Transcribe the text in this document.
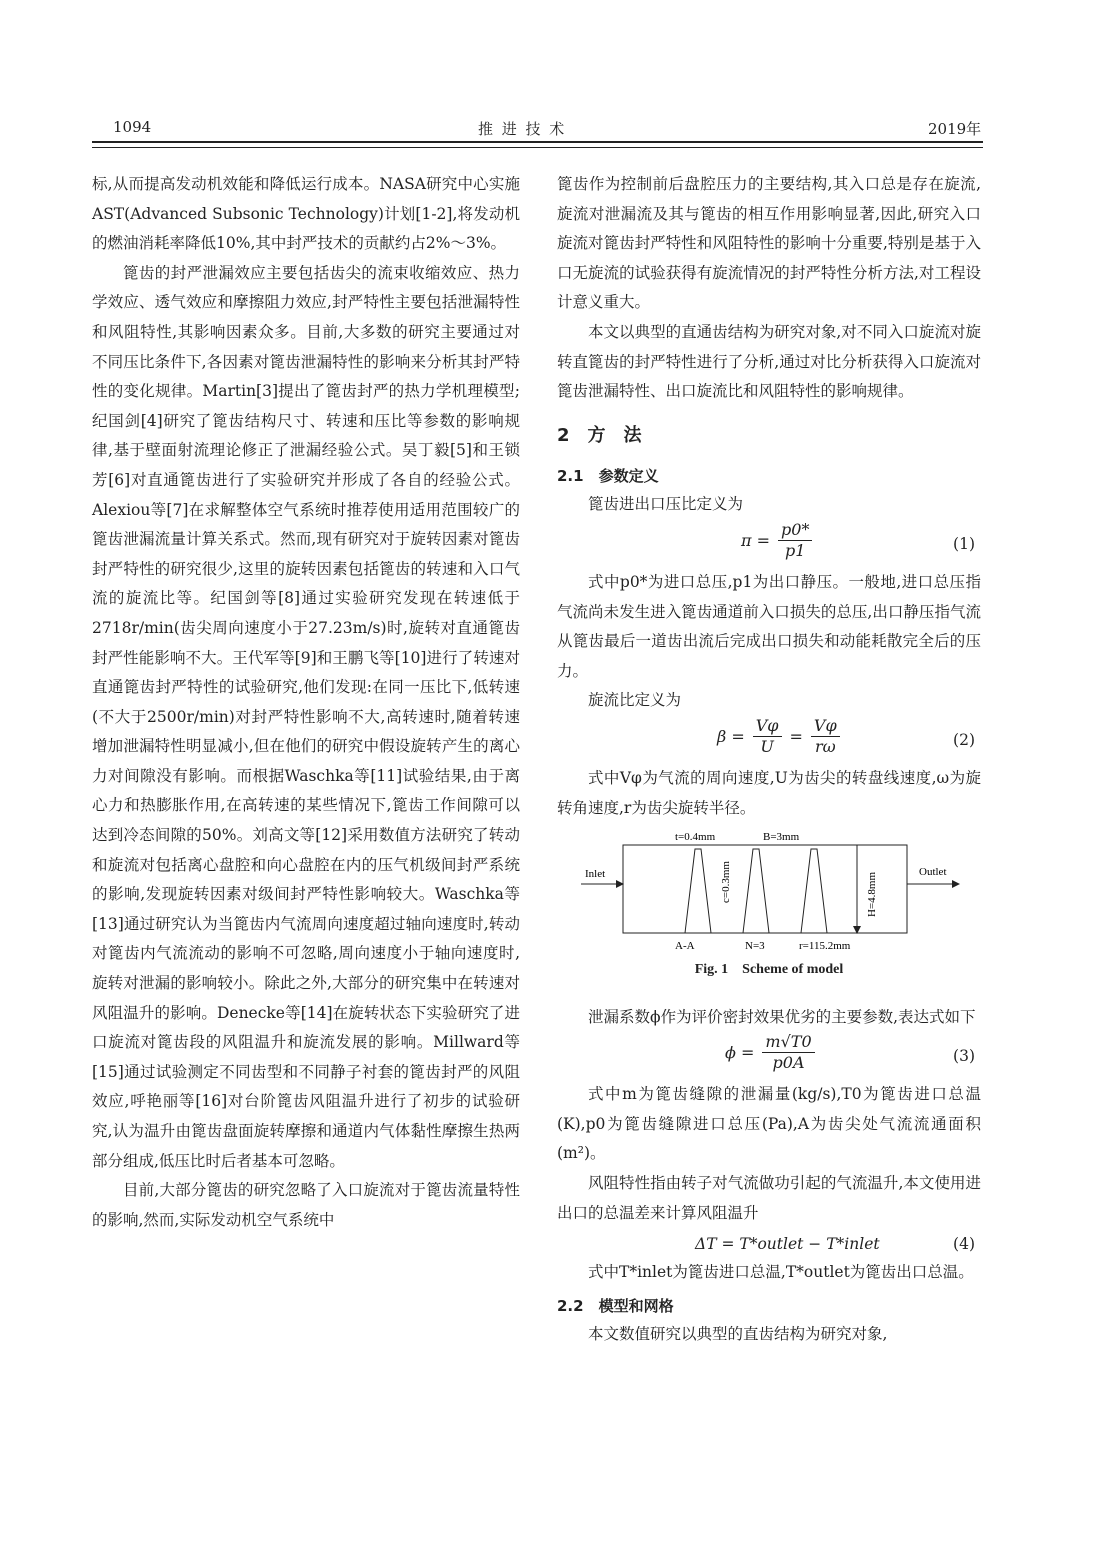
1094	推 进 技 术	2019年

标,从而提高发动机效能和降低运行成本。NASA研究中心实施AST(Advanced Subsonic Technology)计划[1-2],将发动机的燃油消耗率降低10%,其中封严技术的贡献约占2%～3%。

篦齿的封严泄漏效应主要包括齿尖的流束收缩效应、热力学效应、透气效应和摩擦阻力效应,封严特性主要包括泄漏特性和风阻特性,其影响因素众多。目前,大多数的研究主要通过对不同压比条件下,各因素对篦齿泄漏特性的影响来分析其封严特性的变化规律。Martin[3]提出了篦齿封严的热力学机理模型;纪国剑[4]研究了篦齿结构尺寸、转速和压比等参数的影响规律,基于壁面射流理论修正了泄漏经验公式。吴丁毅[5]和王锁芳[6]对直通篦齿进行了实验研究并形成了各自的经验公式。Alexiou等[7]在求解整体空气系统时推荐使用适用范围较广的篦齿泄漏流量计算关系式。然而,现有研究对于旋转因素对篦齿封严特性的研究很少,这里的旋转因素包括篦齿的转速和入口气流的旋流比等。纪国剑等[8]通过实验研究发现在转速低于2718r/min(齿尖周向速度小于27.23m/s)时,旋转对直通篦齿封严性能影响不大。王代军等[9]和王鹏飞等[10]进行了转速对直通篦齿封严特性的试验研究,他们发现:在同一压比下,低转速(不大于2500r/min)对封严特性影响不大,高转速时,随着转速增加泄漏特性明显减小,但在他们的研究中假设旋转产生的离心力对间隙没有影响。而根据Waschka等[11]试验结果,由于离心力和热膨胀作用,在高转速的某些情况下,篦齿工作间隙可以达到冷态间隙的50%。刘高文等[12]采用数值方法研究了转动和旋流对包括离心盘腔和向心盘腔在内的压气机级间封严系统的影响,发现旋转因素对级间封严特性影响较大。Waschka等[13]通过研究认为当篦齿内气流周向速度超过轴向速度时,转动对篦齿内气流流动的影响不可忽略,周向速度小于轴向速度时,旋转对泄漏的影响较小。除此之外,大部分的研究集中在转速对风阻温升的影响。Denecke等[14]在旋转状态下实验研究了进口旋流对篦齿段的风阻温升和旋流发展的影响。Millward等[15]通过试验测定不同齿型和不同静子衬套的篦齿封严的风阻效应,呼艳丽等[16]对台阶篦齿风阻温升进行了初步的试验研究,认为温升由篦齿盘面旋转摩擦和通道内气体黏性摩擦生热两部分组成,低压比时后者基本可忽略。

目前,大部分篦齿的研究忽略了入口旋流对于篦齿流量特性的影响,然而,实际发动机空气系统中

篦齿作为控制前后盘腔压力的主要结构,其入口总是存在旋流,旋流对泄漏流及其与篦齿的相互作用影响显著,因此,研究入口旋流对篦齿封严特性和风阻特性的影响十分重要,特别是基于入口无旋流的试验获得有旋流情况的封严特性分析方法,对工程设计意义重大。

本文以典型的直通齿结构为研究对象,对不同入口旋流对旋转直篦齿的封严特性进行了分析,通过对比分析获得入口旋流对篦齿泄漏特性、出口旋流比和风阻特性的影响规律。

2　方　法
2.1　参数定义

篦齿进出口压比定义为

$\pi = \frac{p0*}{p1}$	(1)

式中p0*为进口总压,p1为出口静压。一般地,进口总压指气流尚未发生进入篦齿通道前入口损失的总压,出口静压指气流从篦齿最后一道齿出流后完成出口损失和动能耗散完全后的压力。

旋流比定义为

$\beta = \frac{V\varphi}{U} = \frac{V\varphi}{r\omega}$	(2)

式中Vφ为气流的周向速度,U为齿尖的转盘线速度,ω为旋转角速度,r为齿尖旋转半径。

Inlet	Outlet
t=0.4mm	B=3mm
c=0.3mm	H=4.8mm
A-A	N=3	r=115.2mm
Fig. 1　Scheme of model

泄漏系数ϕ作为评价密封效果优劣的主要参数,表达式如下

$\phi = \frac{m√T0}{p0A}$	(3)

式中m为篦齿缝隙的泄漏量(kg/s),T0为篦齿进口总温(K),p0为篦齿缝隙进口总压(Pa),A为齿尖处气流流通面积(m²)。

风阻特性指由转子对气流做功引起的气流温升,本文使用进出口的总温差来计算风阻温升

ΔT = T*outlet − T*inlet	(4)

式中T*inlet为篦齿进口总温,T*outlet为篦齿出口总温。

2.2　模型和网格

本文数值研究以典型的直齿结构为研究对象,
